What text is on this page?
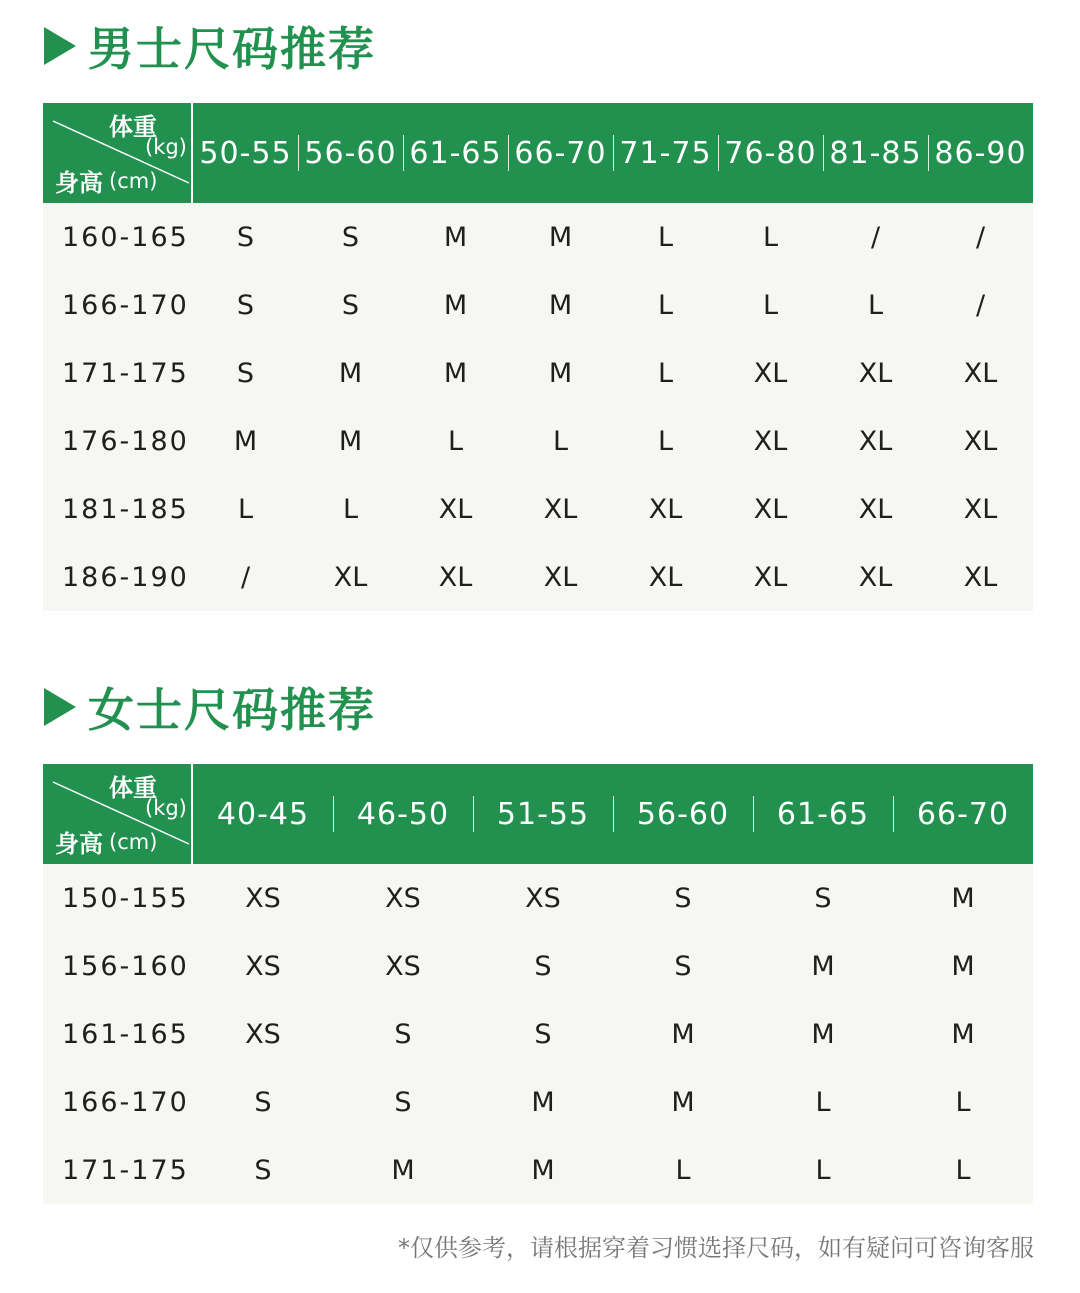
男士尺码推荐
体重
(kg)
身高 (cm)
50-55 56-60 61-65 66-70 71-75 76-80 81-85 86-90
160-165	S	S	M	M	L	L	/	/
166-170	S	S	M	M	L	L	L	/
171-175	S	M	M	M	L	XL	XL	XL
176-180	M	M	L	L	L	XL	XL	XL
181-185	L	L	XL	XL	XL	XL	XL	XL
186-190	/	XL	XL	XL	XL	XL	XL	XL
女士尺码推荐
体重
(kg)
身高 (cm)
40-45	46-50	51-55	56-60	61-65	66-70
150-155	XS	XS	XS	S	S	M
156-160	XS	XS	S	S	M	M
161-165	XS	S	S	M	M	M
166-170	S	S	M	M	L	L
171-175	S	M	M	L	L	L
*仅供参考，请根据穿着习惯选择尺码，如有疑问可咨询客服
